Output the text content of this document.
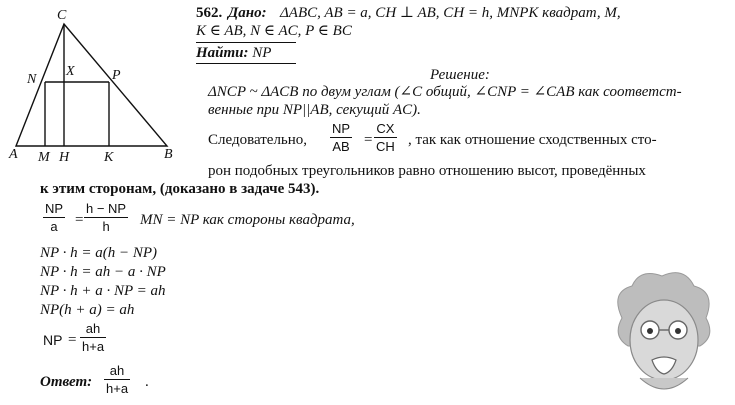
C
N
X	P
A M H K	B
562. Дано: ΔABC, AB = a, CH ⊥ AB, CH = h, MNPK квадрат, M,
K ∈ AB, N ∈ AC, P ∈ BC
Найти: NP
Решение:
ΔNCP ~ ΔACB по двум углам (∠C общий, ∠CNP = ∠CAB как соответст-
венные при NP||AB, секущий AC).
Следовательно, $\frac{NP}{AB} = \frac{CX}{CH}$ , так как отношение сходственных сто-
рон подобных треугольников равно отношению высот, проведённых
к этим сторонам, (доказано в задаче 543).
$\frac{NP}{a} = \frac{h - NP}{h}$ MN = NP как стороны квадрата,
NP · h = a(h − NP)
NP · h = ah − a · NP
NP · h + a · NP = ah
NP(h + a) = ah
NP = $\frac{ah}{h+a}$
Ответ: $\frac{ah}{h+a}$ .
